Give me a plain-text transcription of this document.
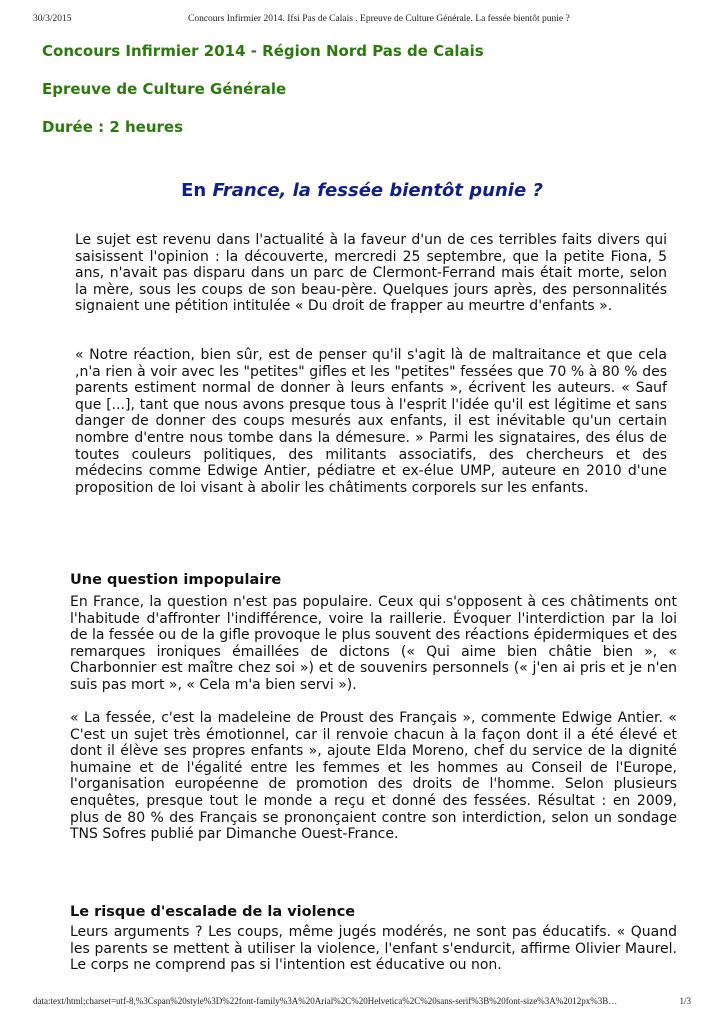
30/3/2015	Concours Infirmier 2014. Ifsi Pas de Calais . Epreuve de Culture Générale. La fessée bientôt punie ?
Concours Infirmier 2014 - Région Nord Pas de Calais
Epreuve de Culture Générale
Durée : 2 heures
En France, la fessée bientôt punie ?

Le sujet est revenu dans l'actualité à la faveur d'un de ces terribles faits divers qui saisissent l'opinion : la découverte, mercredi 25 septembre, que la petite Fiona, 5 ans, n'avait pas disparu dans un parc de Clermont-Ferrand mais était morte, selon la mère, sous les coups de son beau-père. Quelques jours après, des personnalités signaient une pétition intitulée « Du droit de frapper au meurtre d'enfants ».

« Notre réaction, bien sûr, est de penser qu'il s'agit là de maltraitance et que cela ,n'a rien à voir avec les "petites" gifles et les "petites" fessées que 70 % à 80 % des parents estiment normal de donner à leurs enfants », écrivent les auteurs. « Sauf que [...], tant que nous avons presque tous à l'esprit l'idée qu'il est légitime et sans danger de donner des coups mesurés aux enfants, il est inévitable qu'un certain nombre d'entre nous tombe dans la démesure. » Parmi les signataires, des élus de toutes couleurs politiques, des militants associatifs, des chercheurs et des médecins comme Edwige Antier, pédiatre et ex-élue UMP, auteure en 2010 d'une proposition de loi visant à abolir les châtiments corporels sur les enfants.

Une question impopulaire

En France, la question n'est pas populaire. Ceux qui s'opposent à ces châtiments ont l'habitude d'affronter l'indifférence, voire la raillerie. Évoquer l'interdiction par la loi de la fessée ou de la gifle provoque le plus souvent des réactions épidermiques et des remarques ironiques émaillées de dictons (« Qui aime bien châtie bien », « Charbonnier est maître chez soi ») et de souvenirs personnels (« j'en ai pris et je n'en suis pas mort », « Cela m'a bien servi »).

« La fessée, c'est la madeleine de Proust des Français », commente Edwige Antier. « C'est un sujet très émotionnel, car il renvoie chacun à la façon dont il a été élevé et dont il élève ses propres enfants », ajoute Elda Moreno, chef du service de la dignité humaine et de l'égalité entre les femmes et les hommes au Conseil de l'Europe, l'organisation européenne de promotion des droits de l'homme. Selon plusieurs enquêtes, presque tout le monde a reçu et donné des fessées. Résultat : en 2009, plus de 80 % des Français se prononçaient contre son interdiction, selon un sondage TNS Sofres publié par Dimanche Ouest-France.

Le risque d'escalade de la violence

Leurs arguments ? Les coups, même jugés modérés, ne sont pas éducatifs. « Quand les parents se mettent à utiliser la violence, l'enfant s'endurcit, affirme Olivier Maurel. Le corps ne comprend pas si l'intention est éducative ou non.

data:text/html;charset=utf-8,%3Cspan%20style%3D%22font-family%3A%20Arial%2C%20Helvetica%2C%20sans-serif%3B%20font-size%3A%2012px%3B…	1/3
